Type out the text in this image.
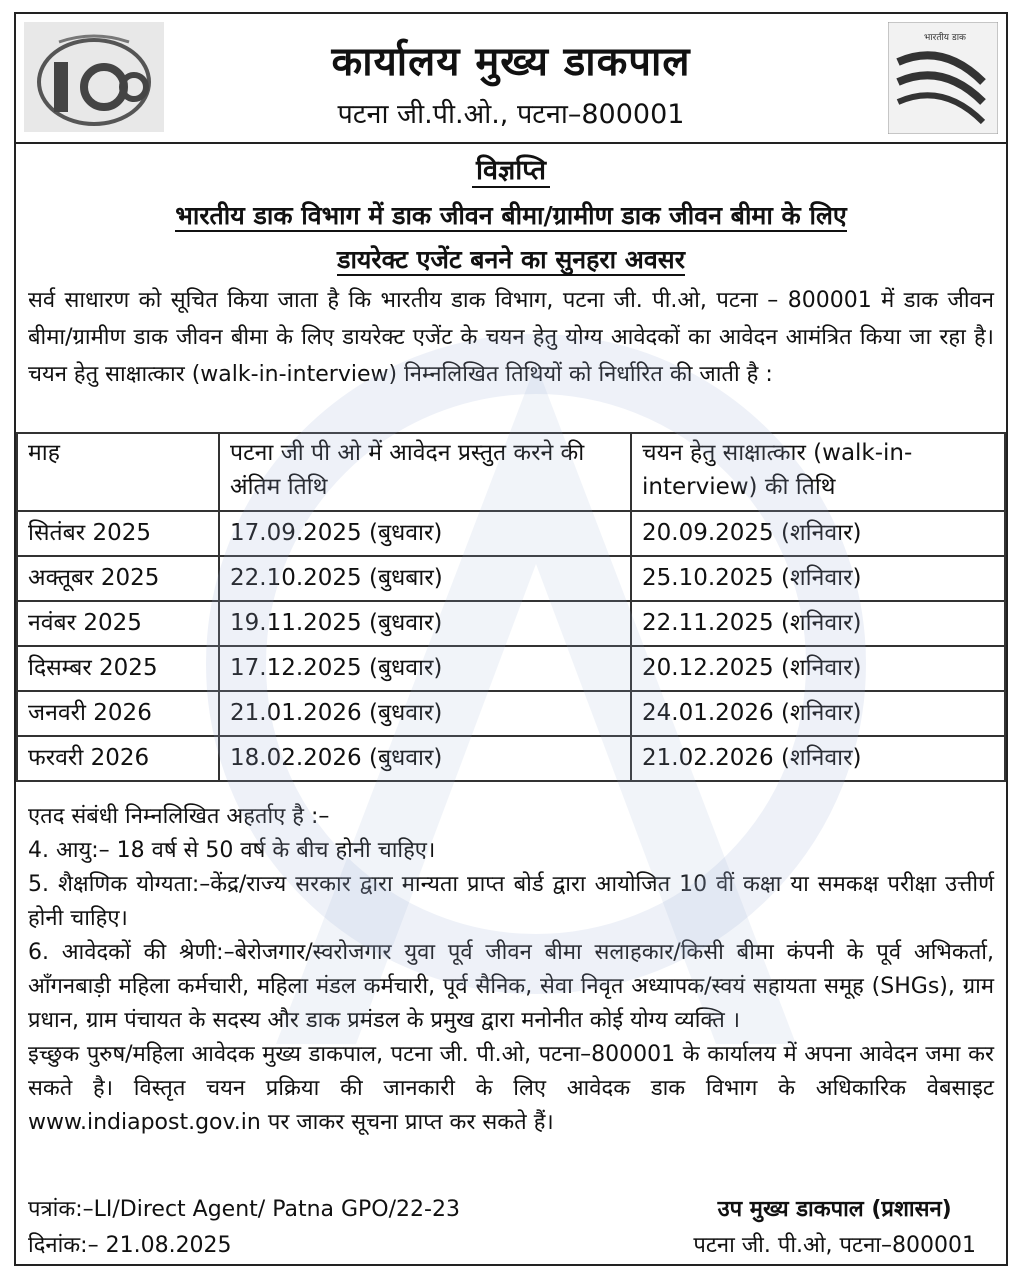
कार्यालय मुख्य डाकपाल
पटना जी.पी.ओ., पटना–800001
भारतीय डाक
विज्ञप्ति
भारतीय डाक विभाग में डाक जीवन बीमा/ग्रामीण डाक जीवन बीमा के लिए
डायरेक्ट एजेंट बनने का सुनहरा अवसर
सर्व साधारण को सूचित किया जाता है कि भारतीय डाक विभाग, पटना जी. पी.ओ, पटना – 800001 में डाक जीवन बीमा/ग्रामीण डाक जीवन बीमा के लिए डायरेक्ट एजेंट के चयन हेतु योग्य आवेदकों का आवेदन आमंत्रित किया जा रहा है। चयन हेतु साक्षात्कार (walk-in-interview) निम्नलिखित तिथियों को निर्धारित की जाती है :
माह	पटना जी पी ओ में आवेदन प्रस्तुत करने की अंतिम तिथि	चयन हेतु साक्षात्कार (walk-in-interview) की तिथि
सितंबर 2025	17.09.2025 (बुधवार)	20.09.2025 (शनिवार)
अक्तूबर 2025	22.10.2025 (बुधबार)	25.10.2025 (शनिवार)
नवंबर 2025	19.11.2025 (बुधवार)	22.11.2025 (शनिवार)
दिसम्बर 2025	17.12.2025 (बुधवार)	20.12.2025 (शनिवार)
जनवरी 2026	21.01.2026 (बुधवार)	24.01.2026 (शनिवार)
फरवरी 2026	18.02.2026 (बुधवार)	21.02.2026 (शनिवार)

एतद संबंधी निम्नलिखित अहर्ताए है :–

4. आयु:– 18 वर्ष से 50 वर्ष के बीच होनी चाहिए।

5. शैक्षणिक योग्यता:–केंद्र/राज्य सरकार द्वारा मान्यता प्राप्त बोर्ड द्वारा आयोजित 10 वीं कक्षा या समकक्ष परीक्षा उत्तीर्ण होनी चाहिए।

6. आवेदकों की श्रेणी:–बेरोजगार/स्वरोजगार युवा पूर्व जीवन बीमा सलाहकार/किसी बीमा कंपनी के पूर्व अभिकर्ता, आँगनबाड़ी महिला कर्मचारी, महिला मंडल कर्मचारी, पूर्व सैनिक, सेवा निवृत अध्यापक/स्वयं सहायता समूह (SHGs), ग्राम प्रधान, ग्राम पंचायत के सदस्य और डाक प्रमंडल के प्रमुख द्वारा मनोनीत कोई योग्य व्यक्ति ।

इच्छुक पुरुष/महिला आवेदक मुख्य डाकपाल, पटना जी. पी.ओ, पटना–800001 के कार्यालय में अपना आवेदन जमा कर सकते है। विस्तृत चयन प्रक्रिया की जानकारी के लिए आवेदक डाक विभाग के अधिकारिक वेबसाइट www.indiapost.gov.in पर जाकर सूचना प्राप्त कर सकते हैं।

पत्रांक:–LI/Direct Agent/ Patna GPO/22-23
दिनांक:– 21.08.2025
उप मुख्य डाकपाल (प्रशासन)
पटना जी. पी.ओ, पटना–800001
